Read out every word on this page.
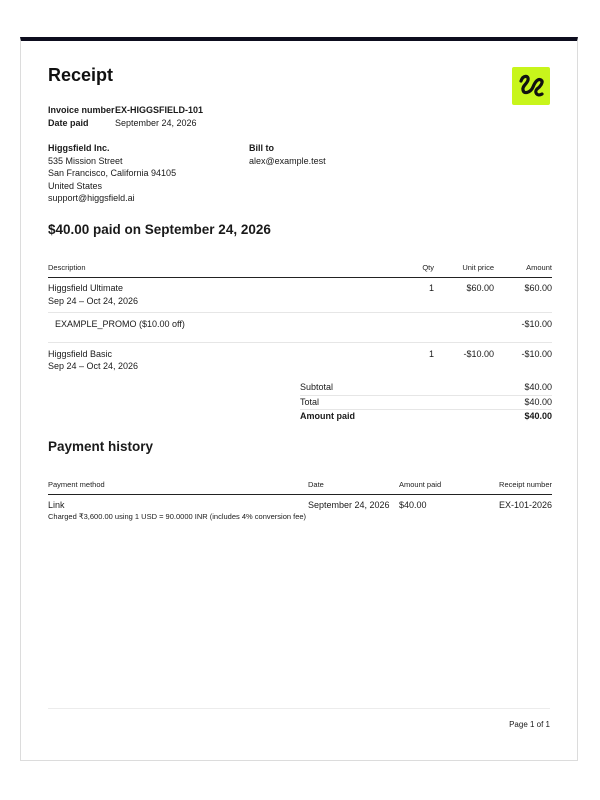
Receipt
Invoice number EX-HIGGSFIELD-101
Date paid	September 24, 2026
Higgsfield Inc.
535 Mission Street
San Francisco, California 94105
United States
support@higgsfield.ai
Bill to
alex@example.test
$40.00 paid on September 24, 2026
Description	Qty	Unit price	Amount

Higgsfield Ultimate
Sep 24 – Oct 24, 2026	1	$60.00	$60.00
EXAMPLE_PROMO ($10.00 off)			-$10.00

Higgsfield Basic
Sep 24 – Oct 24, 2026	1	-$10.00	-$10.00
Subtotal	$40.00
Total	$40.00
Amount paid	$40.00
Payment history
Payment method	Date	Amount paid	Receipt number

Link
Charged ₹3,600.00 using 1 USD = 90.0000 INR (includes 4% conversion fee)	September 24, 2026	$40.00	EX-101-2026
Page 1 of 1
